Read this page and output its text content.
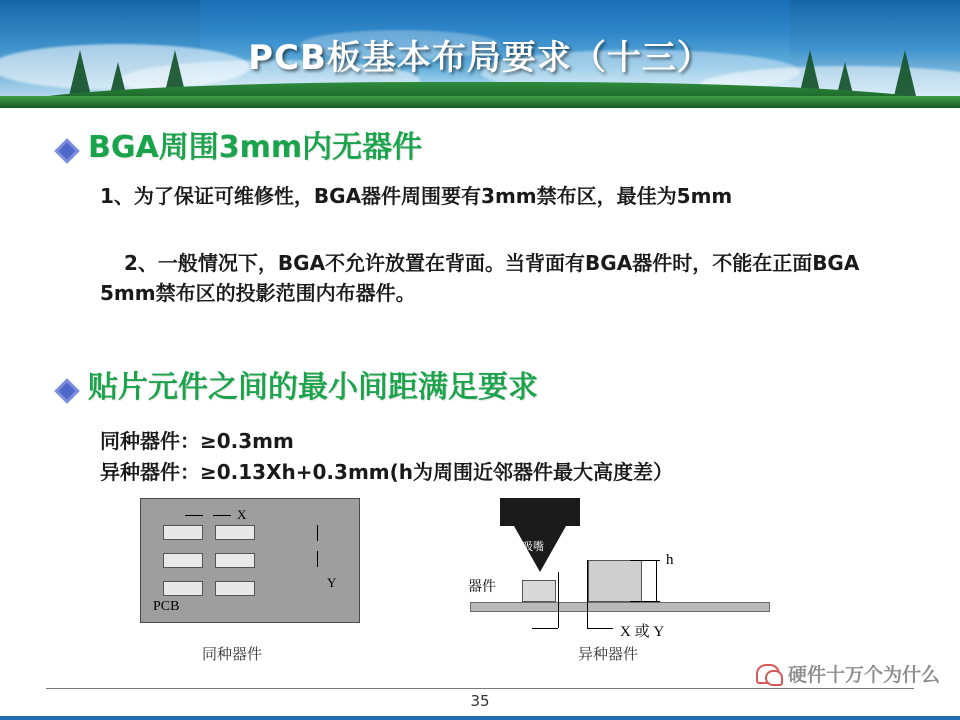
PCB板基本布局要求（十三）
BGA周围3mm内无器件
1、为了保证可维修性，BGA器件周围要有3mm禁布区，最佳为5mm
2、一般情况下，BGA不允许放置在背面。当背面有BGA器件时，不能在正面BGA 5mm禁布区的投影范围内布器件。
贴片元件之间的最小间距满足要求
同种器件：≥0.3mm
异种器件：≥0.13Xh+0.3mm(h为周围近邻器件最大高度差）
X
Y
PCB
同种器件
吸嘴
器件
h
X 或 Y
异种器件
35
硬件十万个为什么
